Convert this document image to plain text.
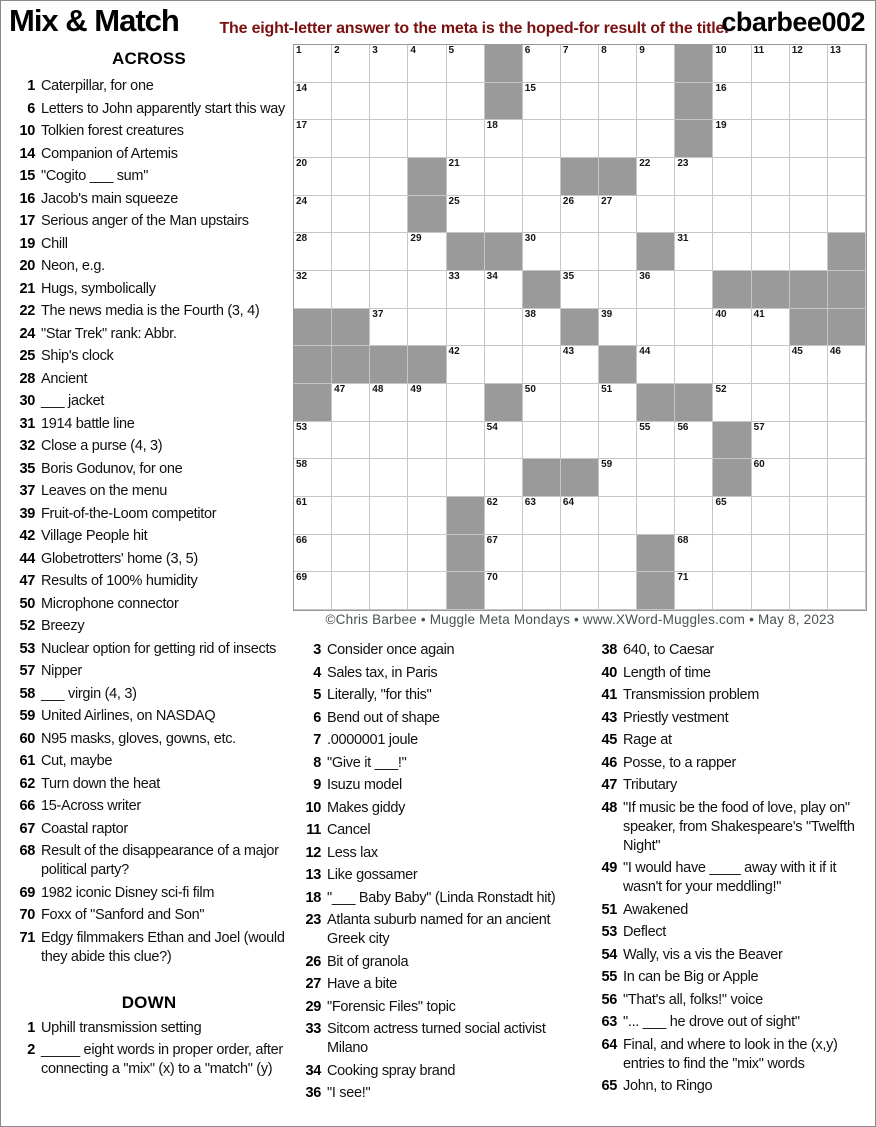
Mix & Match	The eight-letter answer to the meta is the hoped-for result of the title.
cbarbee002
ACROSS
1 Caterpillar, for one
6 Letters to John apparently start this way
10 Tolkien forest creatures
14 Companion of Artemis
15 "Cogito ___ sum"
16 Jacob's main squeeze
17 Serious anger of the Man upstairs
19 Chill
20 Neon, e.g.
21 Hugs, symbolically
22 The news media is the Fourth (3, 4)
24 "Star Trek" rank: Abbr.
25 Ship's clock
28 Ancient
30 ___ jacket
31 1914 battle line
32 Close a purse (4, 3)
35 Boris Godunov, for one
37 Leaves on the menu
39 Fruit-of-the-Loom competitor
42 Village People hit
44 Globetrotters' home (3, 5)
47 Results of 100% humidity
50 Microphone connector
52 Breezy
53 Nuclear option for getting rid of insects
57 Nipper
58 ___ virgin (4, 3)
59 United Airlines, on NASDAQ
60 N95 masks, gloves, gowns, etc.
61 Cut, maybe
62 Turn down the heat
66 15-Across writer
67 Coastal raptor
68 Result of the disappearance of a major political party?
69 1982 iconic Disney sci-fi film
70 Foxx of "Sanford and Son"
71 Edgy filmmakers Ethan and Joel (would they abide this clue?)
DOWN
1 Uphill transmission setting
2 _____ eight words in proper order, after connecting a "mix" (x) to a "match" (y)
1	2	3	4	5	6	7	8	9	10	11	12	13
14	15	16
17	18	19
20	21	22	23
24	25	26	27
28	29	30	31
32	33	34	35	36
37	38	39	40	41
42	43	44	45	46
47	48	49	50	51	52
53	54	55	56	57
58	59	60
61	62	63	64	65
66	67	68
69	70	71
©Chris Barbee • Muggle Meta Mondays • www.XWord-Muggles.com • May 8, 2023
3 Consider once again
4 Sales tax, in Paris
5 Literally, "for this"
6 Bend out of shape
7 .0000001 joule
8 "Give it ___!"
9 Isuzu model
10 Makes giddy
11 Cancel
12 Less lax
13 Like gossamer
18 "___ Baby Baby" (Linda Ronstadt hit)
23 Atlanta suburb named for an ancient Greek city
26 Bit of granola
27 Have a bite
29 "Forensic Files" topic
33 Sitcom actress turned social activist Milano
34 Cooking spray brand
36 "I see!"
38 640, to Caesar
40 Length of time
41 Transmission problem
43 Priestly vestment
45 Rage at
46 Posse, to a rapper
47 Tributary
48 "If music be the food of love, play on" speaker, from Shakespeare's "Twelfth Night"
49 "I would have ____ away with it if it wasn't for your meddling!"
51 Awakened
53 Deflect
54 Wally, vis a vis the Beaver
55 In can be Big or Apple
56 "That's all, folks!" voice
63 "... ___ he drove out of sight"
64 Final, and where to look in the (x,y) entries to find the "mix" words
65 John, to Ringo
